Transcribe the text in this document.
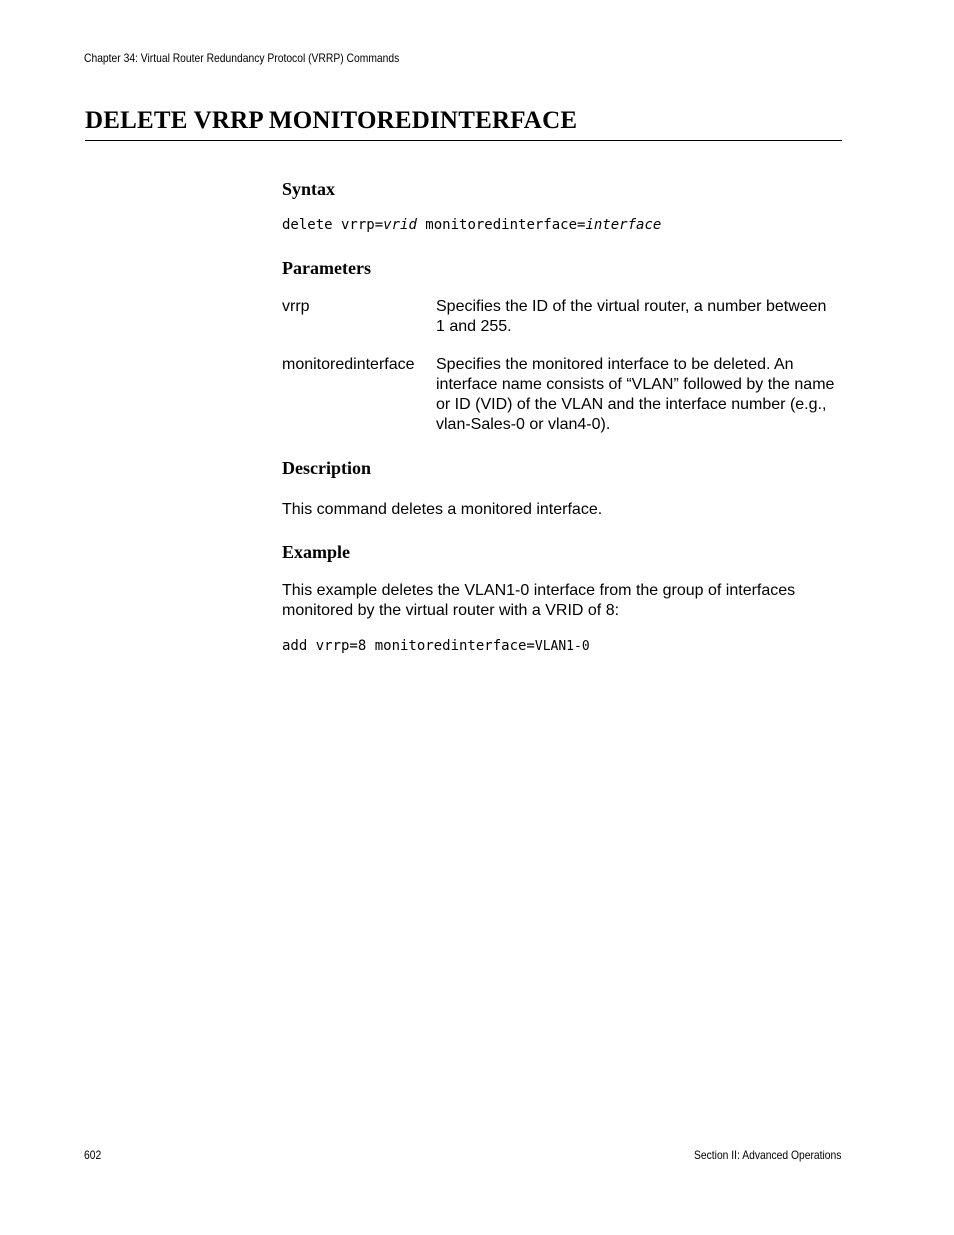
Chapter 34: Virtual Router Redundancy Protocol (VRRP) Commands
DELETE VRRP MONITOREDINTERFACE
Syntax
delete vrrp=vrid monitoredinterface=interface
Parameters
vrrp	Specifies the ID of the virtual router, a number between 1 and 255.
monitoredinterface Specifies the monitored interface to be deleted. An interface name consists of “VLAN” followed by the name or ID (VID) of the VLAN and the interface number (e.g., vlan-Sales-0 or vlan4-0).
Description
This command deletes a monitored interface.
Example
This example deletes the VLAN1-0 interface from the group of interfaces monitored by the virtual router with a VRID of 8:
add vrrp=8 monitoredinterface=VLAN1-0
602	Section II: Advanced Operations
